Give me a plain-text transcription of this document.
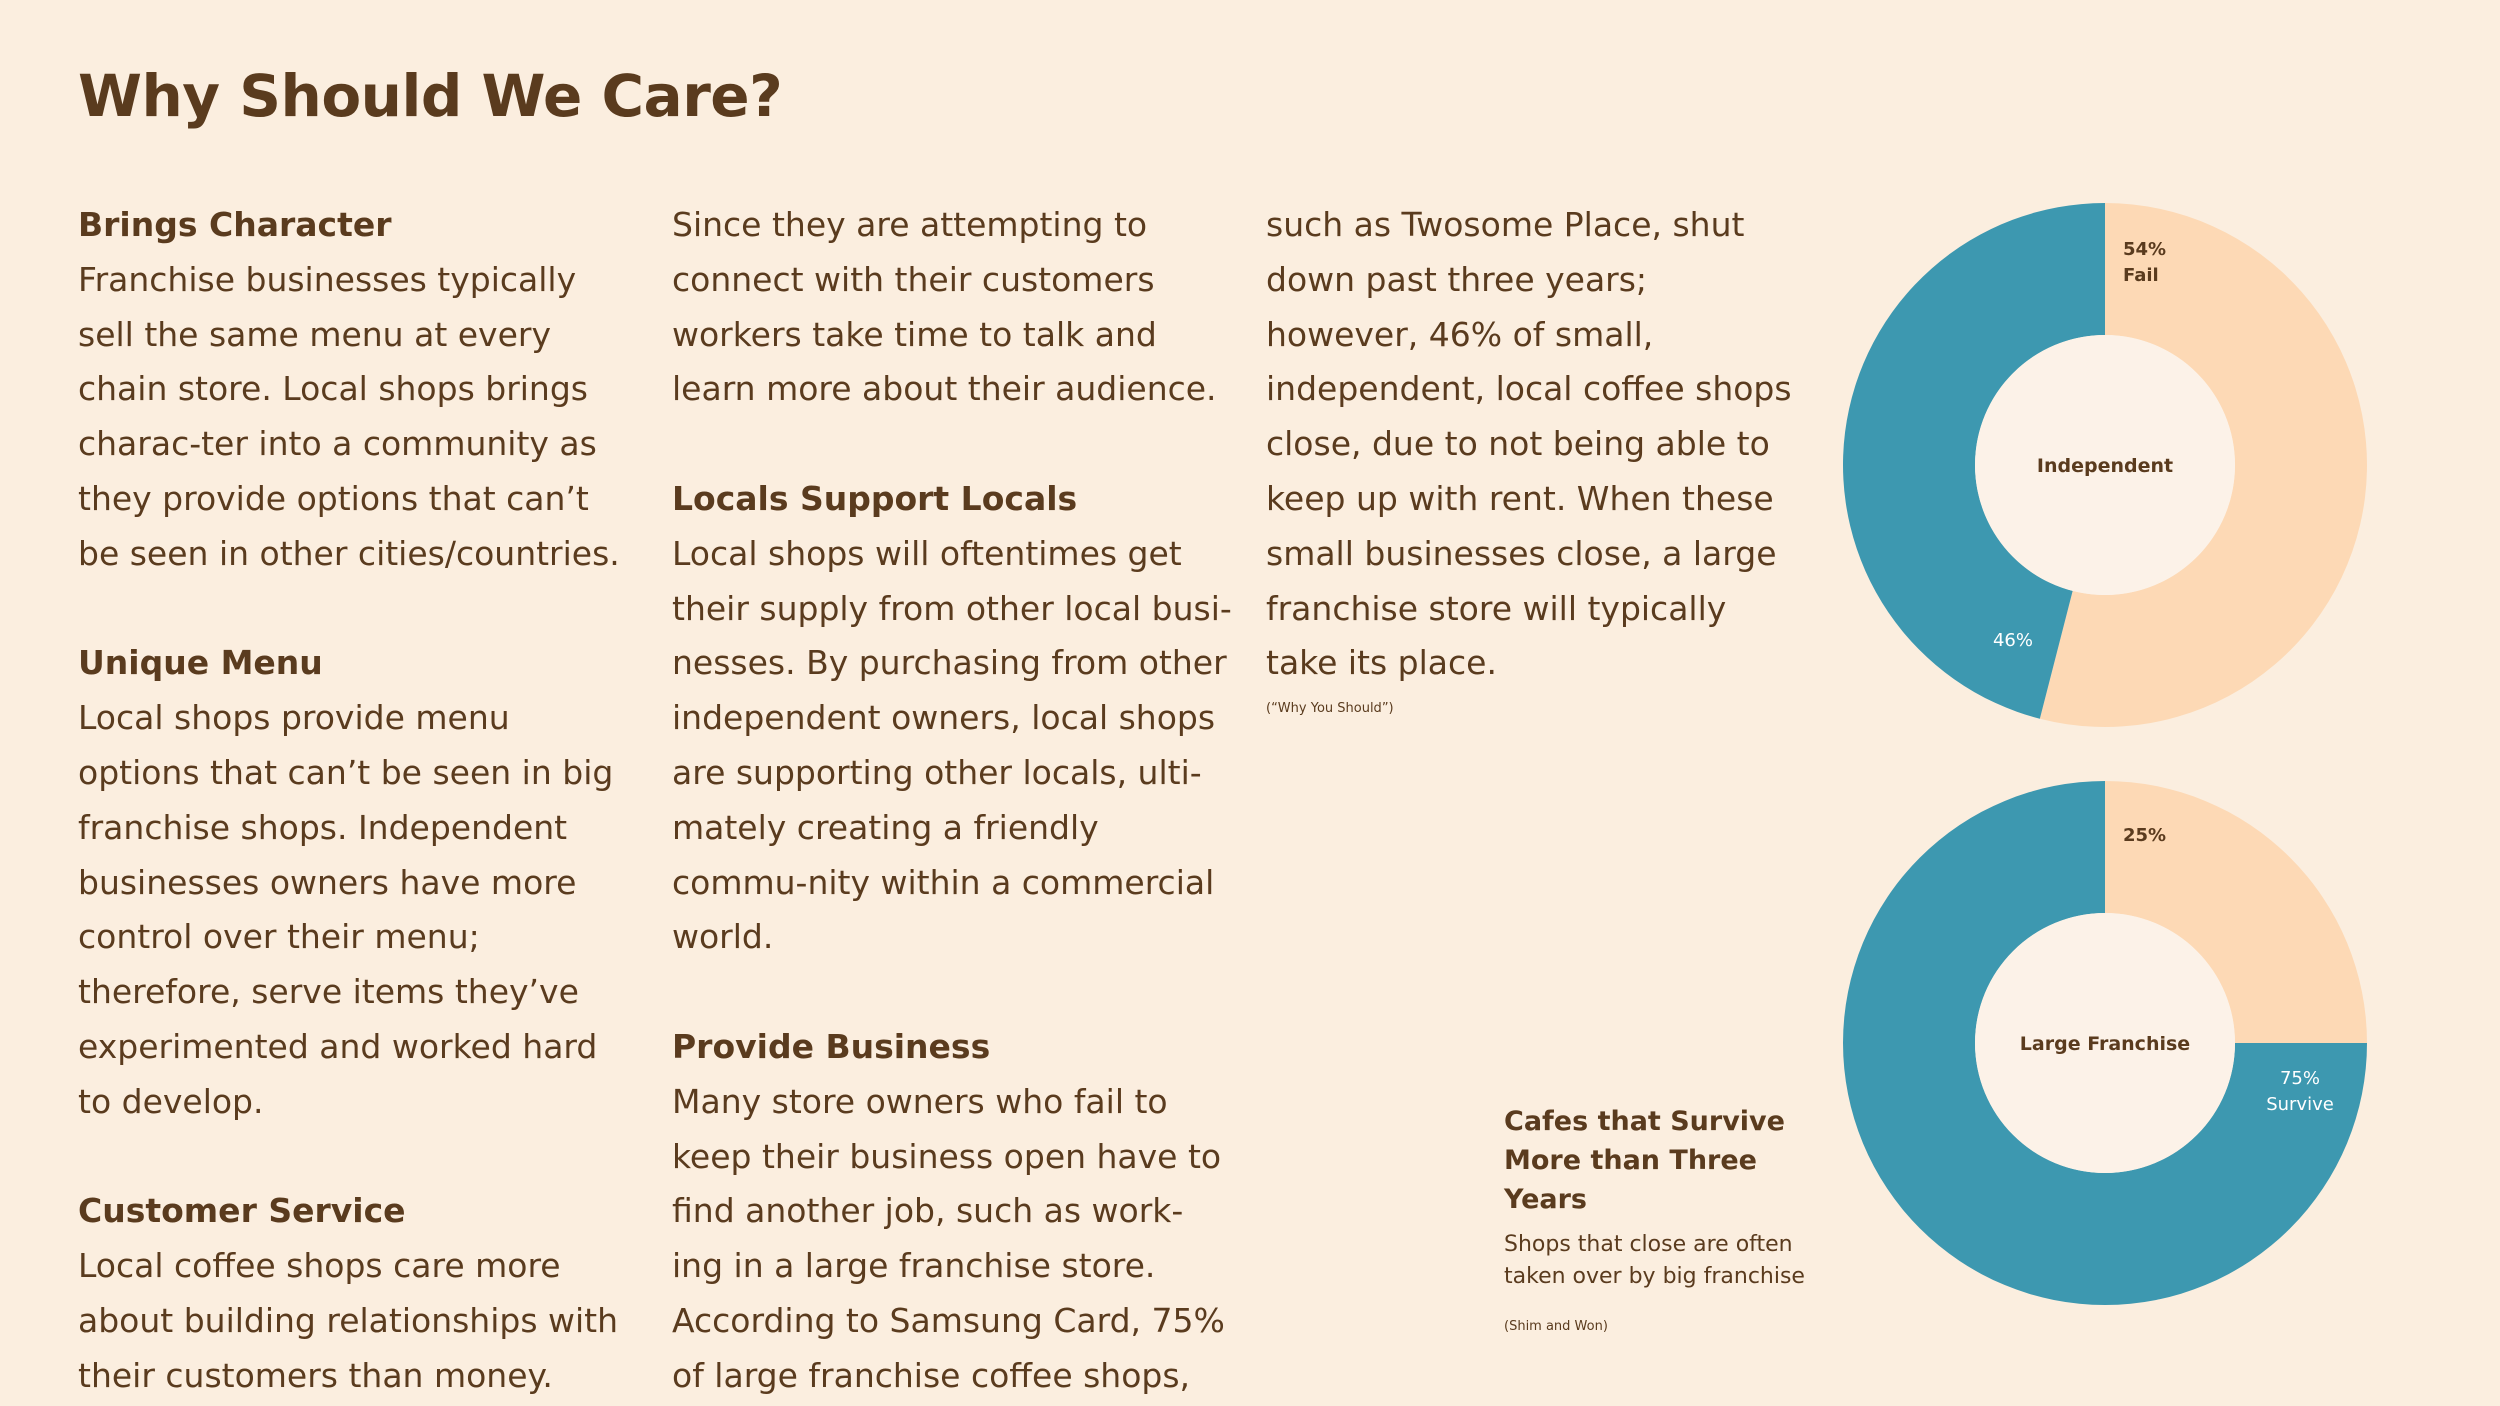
Why Should We Care?
Brings Character

Franchise businesses typically sell the same menu at every chain store. Local shops brings charac-ter into a community as they provide options that can’t be seen in other cities/countries.

Unique Menu

Local shops provide menu options that can’t be seen in big franchise shops. Independent businesses owners have more control over their menu; therefore, serve items they’ve experimented and worked hard to develop.

Customer Service

Local coffee shops care more about building relationships with their customers than money.

Since they are attempting to connect with their customers workers take time to talk and learn more about their audience.

Locals Support Locals

Local shops will oftentimes get their supply from other local busi-nesses. By purchasing from other independent owners, local shops are supporting other locals, ulti-mately creating a friendly commu-nity within a commercial world.

Provide Business

Many store owners who fail to keep their business open have to find another job, such as work-ing in a large franchise store. According to Samsung Card, 75% of large franchise coffee shops,

such as Twosome Place, shut down past three years; however, 46% of small, independent, local coffee shops close, due to not being able to keep up with rent. When these small businesses close, a large franchise store will typically take its place.

(“Why You Should”)
54%
Fail
46%
Independent
25%
75%
Survive
Large Franchise
Cafes that Survive More than Three Years

Shops that close are often taken over by big franchise

(Shim and Won)
